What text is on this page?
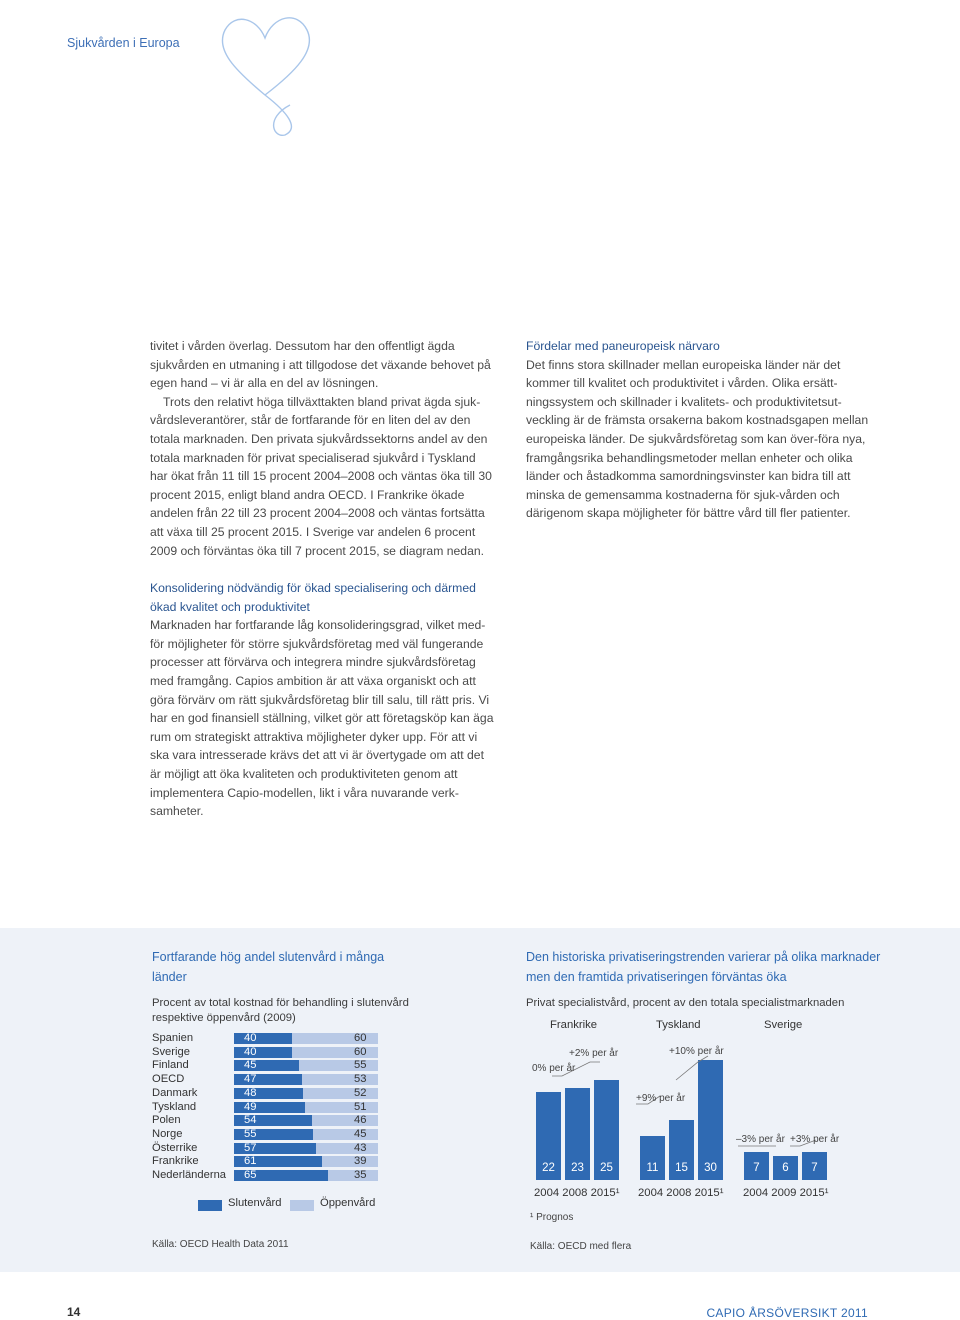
Sjukvården i Europa

tivitet i vården överlag. Dessutom har den offentligt ägda sjukvården en utmaning i att tillgodose det växande behovet på egen hand – vi är alla en del av lösningen.

Trots den relativt höga tillväxttakten bland privat ägda sjuk-vårdsleverantörer, står de fortfarande för en liten del av den totala marknaden. Den privata sjukvårdssektorns andel av den totala marknaden för privat specialiserad sjukvård i Tyskland har ökat från 11 till 15 procent 2004–2008 och väntas öka till 30 procent 2015, enligt bland andra OECD. I Frankrike ökade andelen från 22 till 23 procent 2004–2008 och väntas fortsätta att växa till 25 procent 2015. I Sverige var andelen 6 procent 2009 och förväntas öka till 7 procent 2015, se diagram nedan.

Fördelar med paneuropeisk närvaro

Det finns stora skillnader mellan europeiska länder när det kommer till kvalitet och produktivitet i vården. Olika ersätt-ningssystem och skillnader i kvalitets- och produktivitetsut-veckling är de främsta orsakerna bakom kostnadsgapen mellan europeiska länder. De sjukvårdsföretag som kan över-föra nya, framgångsrika behandlingsmetoder mellan enheter och olika länder och åstadkomma samordningsvinster kan bidra till att minska de gemensamma kostnaderna för sjuk-vården och därigenom skapa möjligheter för bättre vård till fler patienter.

Konsolidering nödvändig för ökad specialisering och därmed ökad kvalitet och produktivitet

Marknaden har fortfarande låg konsolideringsgrad, vilket med-för möjligheter för större sjukvårdsföretag med väl fungerande processer att förvärva och integrera mindre sjukvårdsföretag med framgång. Capios ambition är att växa organiskt och att göra förvärv om rätt sjukvårdsföretag blir till salu, till rätt pris. Vi har en god finansiell ställning, vilket gör att företagsköp kan äga rum om strategiskt attraktiva möjligheter dyker upp. För att vi ska vara intresserade krävs det att vi är övertygade om att det är möjligt att öka kvaliteten och produktiviteten genom att implementera Capio-modellen, likt i våra nuvarande verk-samheter.

Fortfarande hög andel slutenvård i många länder
Procent av total kostnad för behandling i slutenvård respektive öppenvård (2009)
Spanien	40	60
Sverige	40	60
Finland	45	55
OECD	47	53
Danmark	48	52
Tyskland	49	51
Polen	54	46
Norge	55	45
Österrike	57	43
Frankrike	61	39
Nederländerna 65	35
Slutenvård	Öppenvård
Källa: OECD Health Data 2011
Den historiska privatiseringstrenden varierar på olika marknader men den framtida privatiseringen förväntas öka
Privat specialistvård, procent av den totala specialistmarknaden
Frankrike	Tyskland	Sverige
22	23	25	11	15	30	7	6	7
0% per år
+2% per år
+9% per år
+10% per år
–3% per år +3% per år
2004 2008 2015¹ 2004 2008 2015¹ 2004 2009 2015¹
¹ Prognos
Källa: OECD med flera
14	CAPIO ÅRSÖVERSIKT 2011
